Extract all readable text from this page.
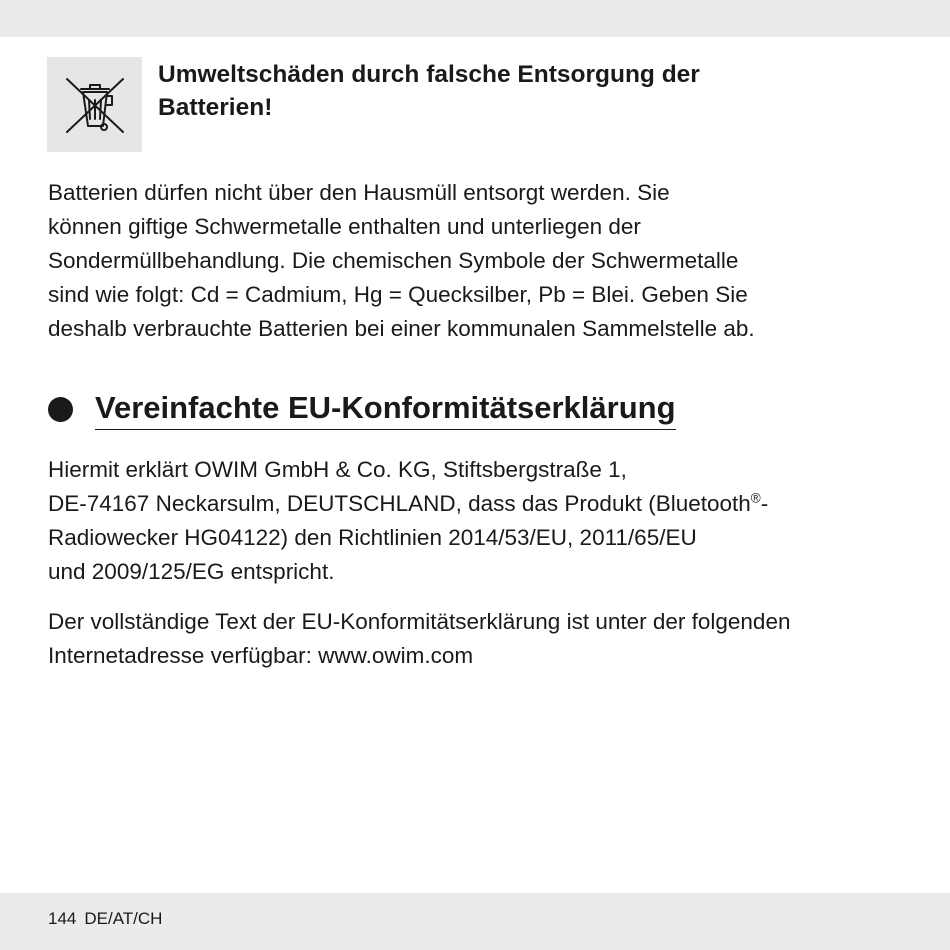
Umweltschäden durch falsche Entsorgung der
Batterien!

Batterien dürfen nicht über den Hausmüll entsorgt werden. Sie
können giftige Schwermetalle enthalten und unterliegen der
Sondermüllbehandlung. Die chemischen Symbole der Schwermetalle
sind wie folgt: Cd = Cadmium, Hg = Quecksilber, Pb = Blei. Geben Sie
deshalb verbrauchte Batterien bei einer kommunalen Sammelstelle ab.

Vereinfachte EU-Konformitätserklärung

Hiermit erklärt OWIM GmbH & Co. KG, Stiftsbergstraße 1,
DE-74167 Neckarsulm, DEUTSCHLAND, dass das Produkt (Bluetooth®-
Radiowecker HG04122) den Richtlinien 2014/53/EU, 2011/65/EU
und 2009/125/EG entspricht.

Der vollständige Text der EU-Konformitätserklärung ist unter der folgenden
Internetadresse verfügbar: www.owim.com

144 DE/AT/CH
